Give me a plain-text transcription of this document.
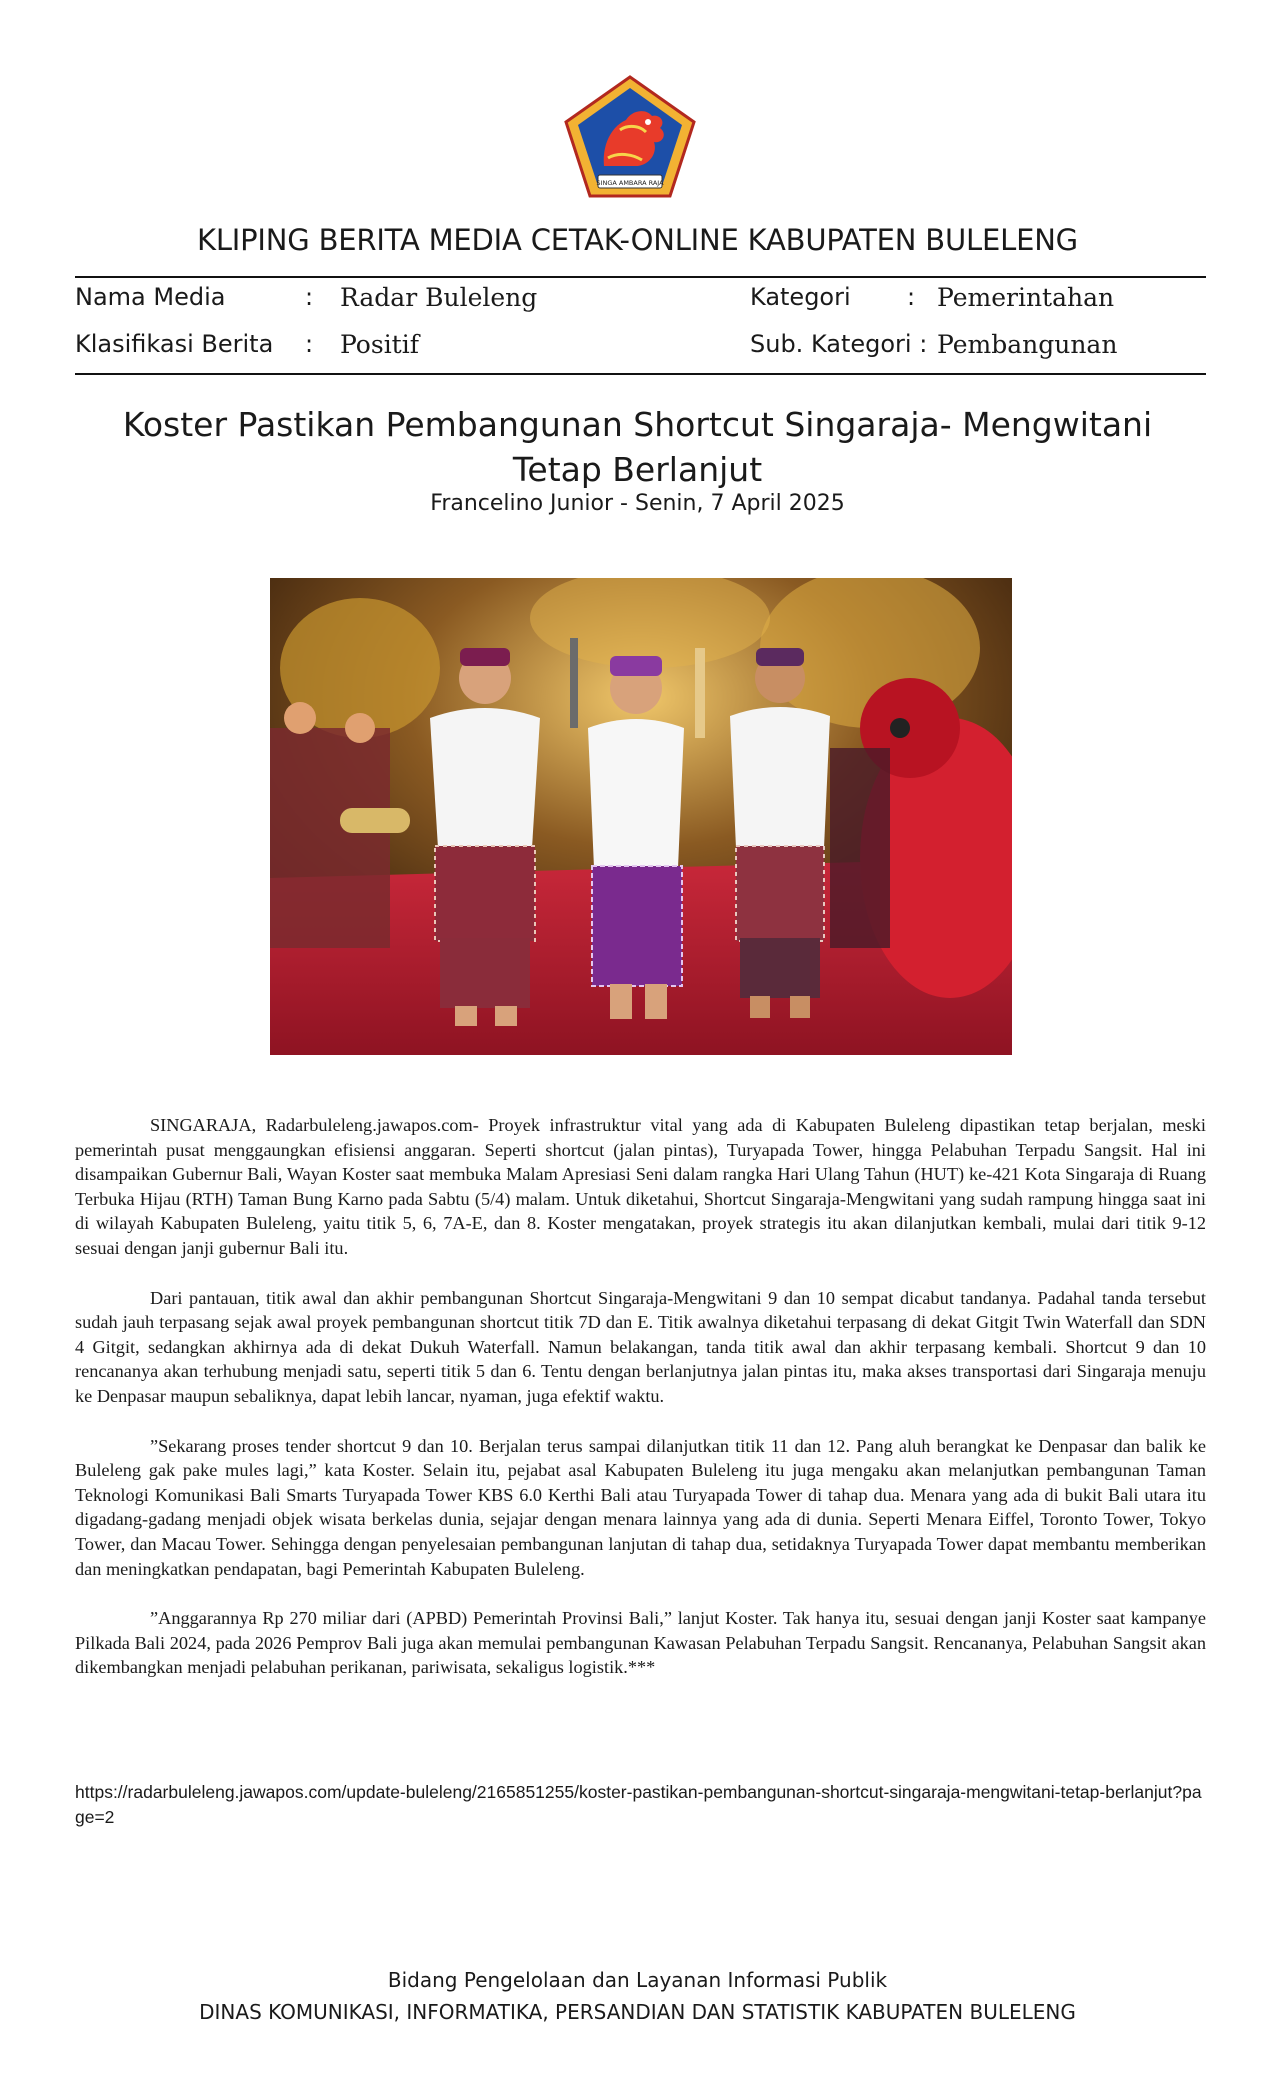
SINGA AMBARA RAJA
KLIPING BERITA MEDIA CETAK-ONLINE KABUPATEN BULELENG
Nama Media	: Radar Buleleng	Kategori : Pemerintahan
Klasifikasi Berita : Positif	Sub. Kategori : Pembangunan
Koster Pastikan Pembangunan Shortcut Singaraja- Mengwitani
Tetap Berlanjut
Francelino Junior - Senin, 7 April 2025

SINGARAJA, Radarbuleleng.jawapos.com- Proyek infrastruktur vital yang ada di Kabupaten Buleleng dipastikan tetap berjalan, meski pemerintah pusat menggaungkan efisiensi anggaran. Seperti shortcut (jalan pintas), Turyapada Tower, hingga Pelabuhan Terpadu Sangsit. Hal ini disampaikan Gubernur Bali, Wayan Koster saat membuka Malam Apresiasi Seni dalam rangka Hari Ulang Tahun (HUT) ke-421 Kota Singaraja di Ruang Terbuka Hijau (RTH) Taman Bung Karno pada Sabtu (5/4) malam. Untuk diketahui, Shortcut Singaraja-Mengwitani yang sudah rampung hingga saat ini di wilayah Kabupaten Buleleng, yaitu titik 5, 6, 7A-E, dan 8. Koster mengatakan, proyek strategis itu akan dilanjutkan kembali, mulai dari titik 9-12 sesuai dengan janji gubernur Bali itu.

Dari pantauan, titik awal dan akhir pembangunan Shortcut Singaraja-Mengwitani 9 dan 10 sempat dicabut tandanya. Padahal tanda tersebut sudah jauh terpasang sejak awal proyek pembangunan shortcut titik 7D dan E. Titik awalnya diketahui terpasang di dekat Gitgit Twin Waterfall dan SDN 4 Gitgit, sedangkan akhirnya ada di dekat Dukuh Waterfall. Namun belakangan, tanda titik awal dan akhir terpasang kembali. Shortcut 9 dan 10 rencananya akan terhubung menjadi satu, seperti titik 5 dan 6. Tentu dengan berlanjutnya jalan pintas itu, maka akses transportasi dari Singaraja menuju ke Denpasar maupun sebaliknya, dapat lebih lancar, nyaman, juga efektif waktu.

”Sekarang proses tender shortcut 9 dan 10. Berjalan terus sampai dilanjutkan titik 11 dan 12. Pang aluh berangkat ke Denpasar dan balik ke Buleleng gak pake mules lagi,” kata Koster. Selain itu, pejabat asal Kabupaten Buleleng itu juga mengaku akan melanjutkan pembangunan Taman Teknologi Komunikasi Bali Smarts Turyapada Tower KBS 6.0 Kerthi Bali atau Turyapada Tower di tahap dua. Menara yang ada di bukit Bali utara itu digadang-gadang menjadi objek wisata berkelas dunia, sejajar dengan menara lainnya yang ada di dunia. Seperti Menara Eiffel, Toronto Tower, Tokyo Tower, dan Macau Tower. Sehingga dengan penyelesaian pembangunan lanjutan di tahap dua, setidaknya Turyapada Tower dapat membantu memberikan dan meningkatkan pendapatan, bagi Pemerintah Kabupaten Buleleng.

”Anggarannya Rp 270 miliar dari (APBD) Pemerintah Provinsi Bali,” lanjut Koster. Tak hanya itu, sesuai dengan janji Koster saat kampanye Pilkada Bali 2024, pada 2026 Pemprov Bali juga akan memulai pembangunan Kawasan Pelabuhan Terpadu Sangsit. Rencananya, Pelabuhan Sangsit akan dikembangkan menjadi pelabuhan perikanan, pariwisata, sekaligus logistik.***

https://radarbuleleng.jawapos.com/update-buleleng/2165851255/koster-pastikan-pembangunan-shortcut-singaraja-mengwitani-tetap-berlanjut?page=2
Bidang Pengelolaan dan Layanan Informasi Publik
DINAS KOMUNIKASI, INFORMATIKA, PERSANDIAN DAN STATISTIK KABUPATEN BULELENG
